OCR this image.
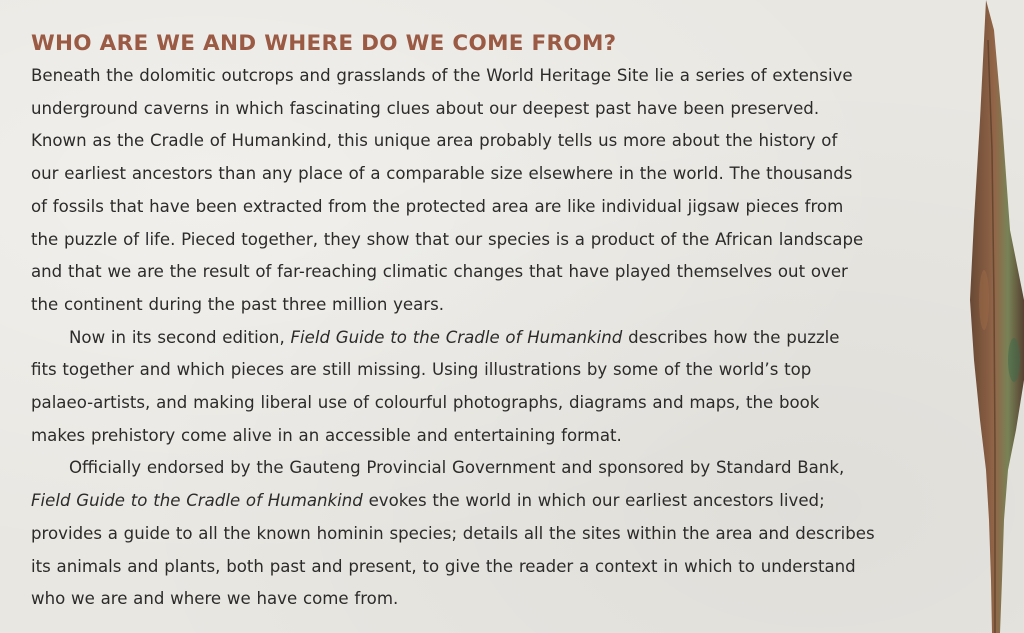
WHO ARE WE AND WHERE DO WE COME FROM?

Beneath the dolomitic outcrops and grasslands of the World Heritage Site lie a series of extensive
underground caverns in which fascinating clues about our deepest past have been preserved.
Known as the Cradle of Humankind, this unique area probably tells us more about the history of
our earliest ancestors than any place of a comparable size elsewhere in the world. The thousands
of fossils that have been extracted from the protected area are like individual jigsaw pieces from
the puzzle of life. Pieced together, they show that our species is a product of the African landscape
and that we are the result of far-reaching climatic changes that have played themselves out over
the continent during the past three million years.

Now in its second edition, Field Guide to the Cradle of Humankind describes how the puzzle
fits together and which pieces are still missing. Using illustrations by some of the world’s top
palaeo-artists, and making liberal use of colourful photographs, diagrams and maps, the book
makes prehistory come alive in an accessible and entertaining format.

Officially endorsed by the Gauteng Provincial Government and sponsored by Standard Bank,
Field Guide to the Cradle of Humankind evokes the world in which our earliest ancestors lived;
provides a guide to all the known hominin species; details all the sites within the area and describes
its animals and plants, both past and present, to give the reader a context in which to understand
who we are and where we have come from.
